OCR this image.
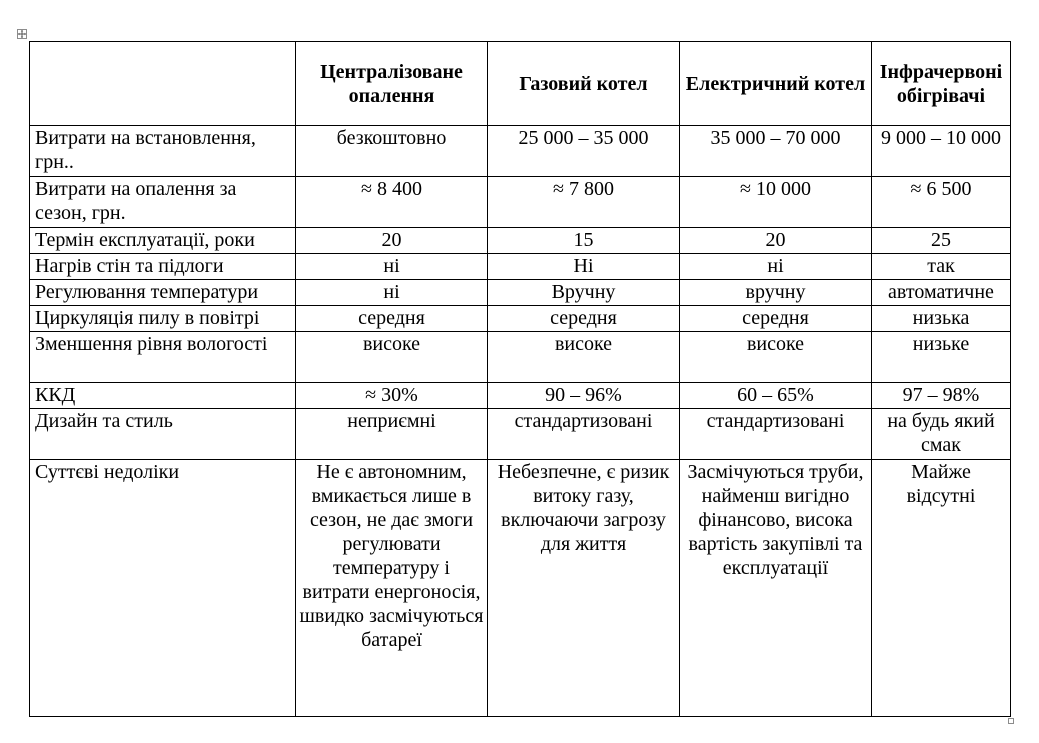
	Централізоване опалення	Газовий котел	Електричний котел	Інфрачервоні обігрівачі
Витрати на встановлення, грн..	безкоштовно	25 000 – 35 000	35 000 – 70 000	9 000 – 10 000
Витрати на опалення за сезон, грн.	≈ 8 400	≈ 7 800	≈ 10 000	≈ 6 500
Термін експлуатації, роки	20	15	20	25
Нагрів стін та підлоги	ні	Ні	ні	так
Регулювання температури	ні	Вручну	вручну	автоматичне
Циркуляція пилу в повітрі	середня	середня	середня	низька
Зменшення рівня вологості	високе	високе	високе	низьке
ККД	≈ 30%	90 – 96%	60 – 65%	97 – 98%
Дизайн та стиль	неприємні	стандартизовані	стандартизовані	на будь який смак
Суттєві недоліки	Не є автономним, вмикається лише в сезон, не дає змоги регулювати температуру і витрати енергоносія, швидко засмічуються батареї	Небезпечне, є ризик витоку газу, включаючи загрозу для життя	Засмічуються труби, найменш вигідно фінансово, висока вартість закупівлі та експлуатації	Майже відсутні
